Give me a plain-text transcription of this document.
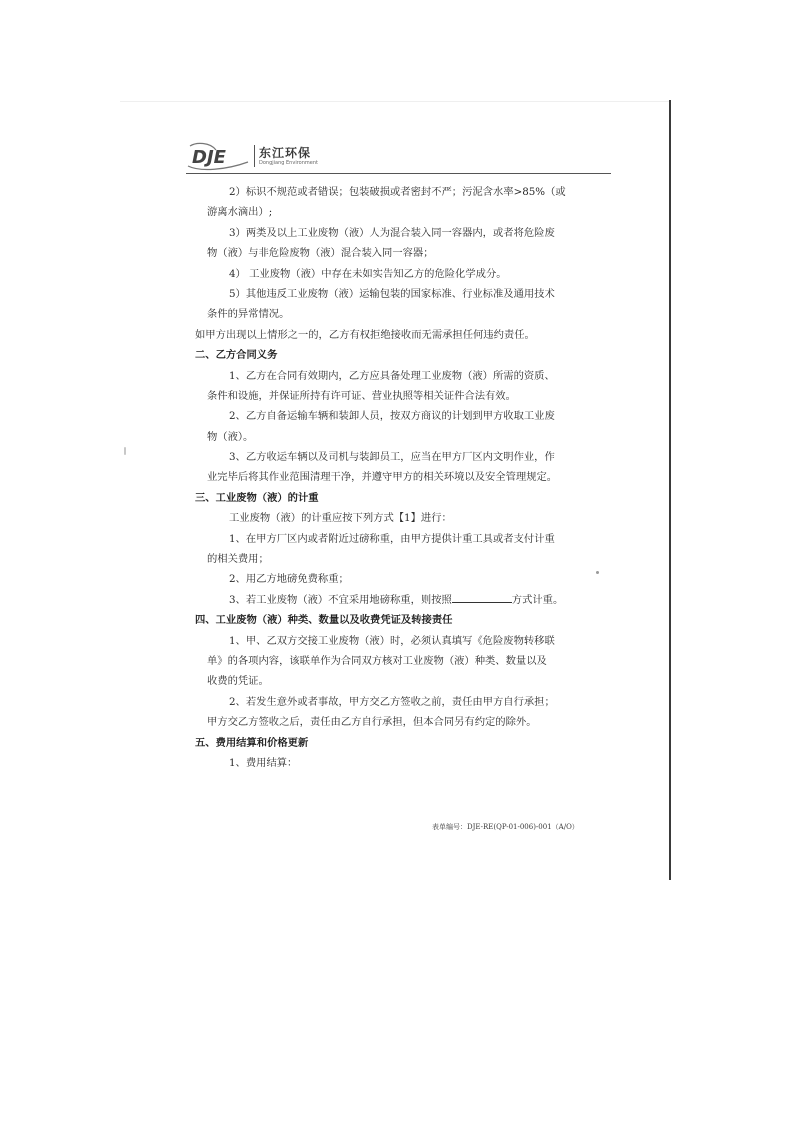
DJE	东江环保
Dongjiang Environment
2）标识不规范或者错误；包装破损或者密封不严；污泥含水率>85%（或
游离水滴出）;
3）两类及以上工业废物（液）人为混合装入同一容器内，或者将危险废
物（液）与非危险废物（液）混合装入同一容器；
4） 工业废物（液）中存在未如实告知乙方的危险化学成分。
5）其他违反工业废物（液）运输包装的国家标准、行业标准及通用技术
条件的异常情况。
如甲方出现以上情形之一的，乙方有权拒绝接收而无需承担任何违约责任。
二、乙方合同义务
1、乙方在合同有效期内，乙方应具备处理工业废物（液）所需的资质、
条件和设施，并保证所持有许可证、营业执照等相关证件合法有效。
2、乙方自备运输车辆和装卸人员，按双方商议的计划到甲方收取工业废
物（液）。
3、乙方收运车辆以及司机与装卸员工，应当在甲方厂区内文明作业，作
业完毕后将其作业范围清理干净，并遵守甲方的相关环境以及安全管理规定。
三、工业废物（液）的计重
工业废物（液）的计重应按下列方式【1】进行：
1、在甲方厂区内或者附近过磅称重，由甲方提供计重工具或者支付计重
的相关费用；
2、用乙方地磅免费称重；
3、若工业废物（液）不宜采用地磅称重，则按照	方式计重。
四、工业废物（液）种类、数量以及收费凭证及转接责任
1、甲、乙双方交接工业废物（液）时，必须认真填写《危险废物转移联
单》的各项内容，该联单作为合同双方核对工业废物（液）种类、数量以及
收费的凭证。
2、若发生意外或者事故，甲方交乙方签收之前，责任由甲方自行承担；
甲方交乙方签收之后，责任由乙方自行承担，但本合同另有约定的除外。
五、费用结算和价格更新
1、费用结算：
表单编号：DJE-RE(QP-01-006)-001（A/O）
